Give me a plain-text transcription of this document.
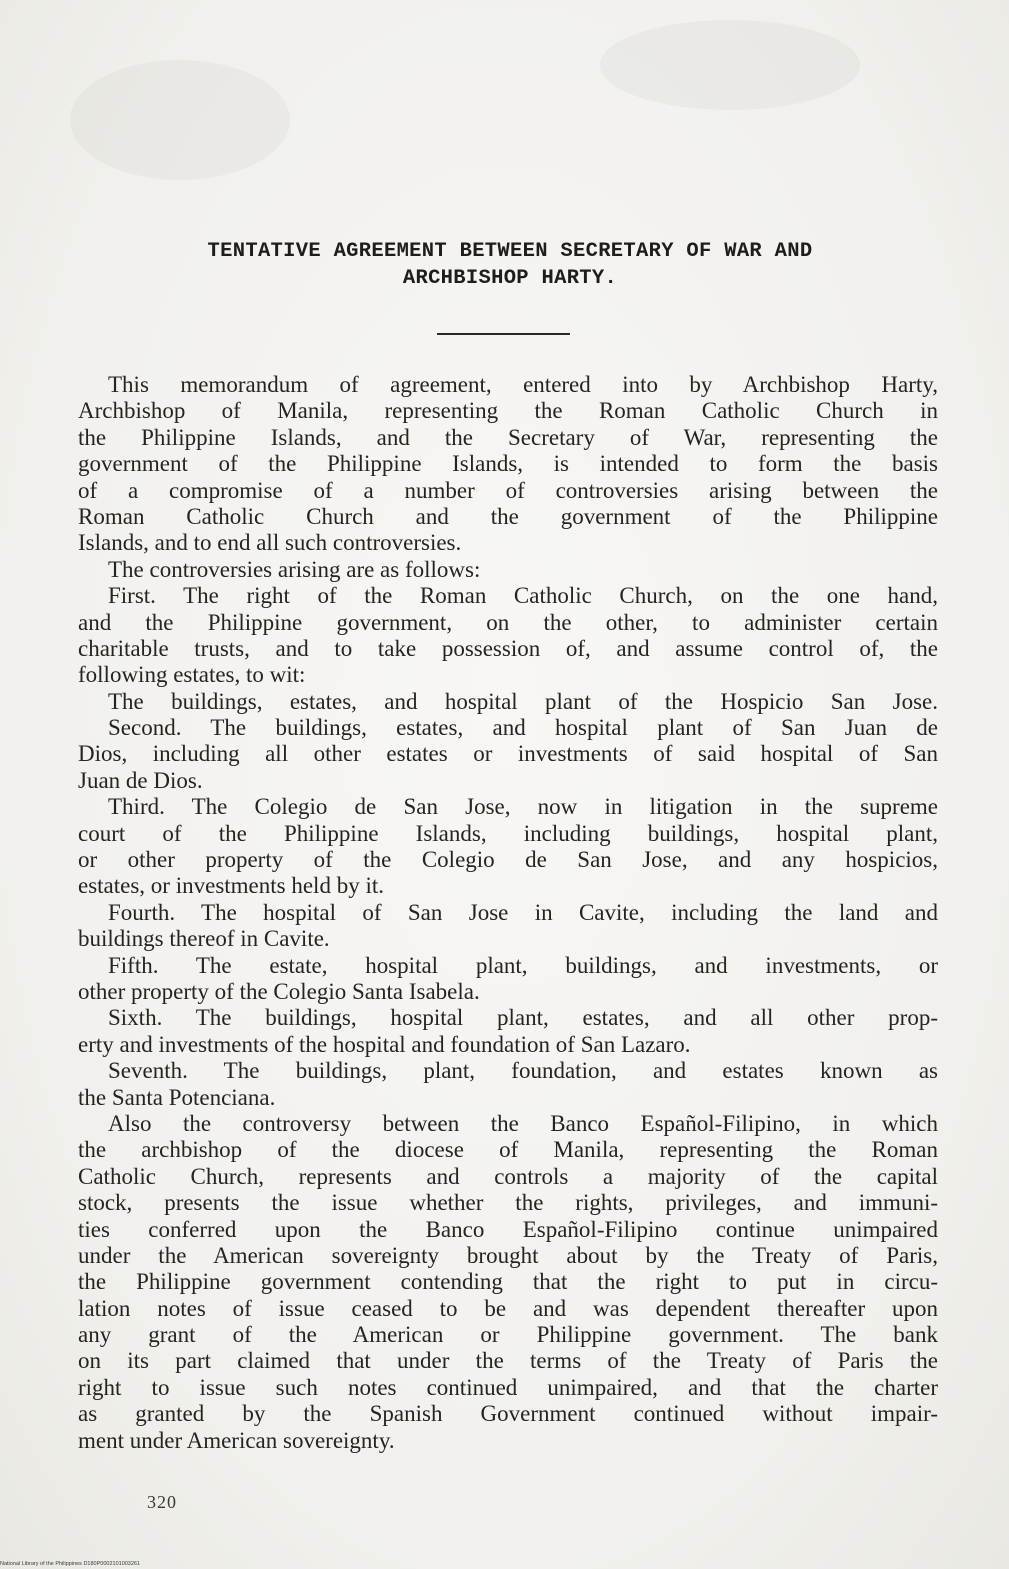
TENTATIVE AGREEMENT BETWEEN SECRETARY OF WAR AND
ARCHBISHOP HARTY.
This memorandum of agreement, entered into by Archbishop Harty,
Archbishop of Manila, representing the Roman Catholic Church in
the Philippine Islands, and the Secretary of War, representing the
government of the Philippine Islands, is intended to form the basis
of a compromise of a number of controversies arising between the
Roman Catholic Church and the government of the Philippine
Islands, and to end all such controversies.
The controversies arising are as follows:
First. The right of the Roman Catholic Church, on the one hand,
and the Philippine government, on the other, to administer certain
charitable trusts, and to take possession of, and assume control of, the
following estates, to wit:
The buildings, estates, and hospital plant of the Hospicio San Jose.
Second. The buildings, estates, and hospital plant of San Juan de
Dios, including all other estates or investments of said hospital of San
Juan de Dios.
Third. The Colegio de San Jose, now in litigation in the supreme
court of the Philippine Islands, including buildings, hospital plant,
or other property of the Colegio de San Jose, and any hospicios,
estates, or investments held by it.
Fourth. The hospital of San Jose in Cavite, including the land and
buildings thereof in Cavite.
Fifth. The estate, hospital plant, buildings, and investments, or
other property of the Colegio Santa Isabela.
Sixth. The buildings, hospital plant, estates, and all other prop-
erty and investments of the hospital and foundation of San Lazaro.
Seventh. The buildings, plant, foundation, and estates known as
the Santa Potenciana.
Also the controversy between the Banco Español-Filipino, in which
the archbishop of the diocese of Manila, representing the Roman
Catholic Church, represents and controls a majority of the capital
stock, presents the issue whether the rights, privileges, and immuni-
ties conferred upon the Banco Español-Filipino continue unimpaired
under the American sovereignty brought about by the Treaty of Paris,
the Philippine government contending that the right to put in circu-
lation notes of issue ceased to be and was dependent thereafter upon
any grant of the American or Philippine government. The bank
on its part claimed that under the terms of the Treaty of Paris the
right to issue such notes continued unimpaired, and that the charter
as granted by the Spanish Government continued without impair-
ment under American sovereignty.
320
National Library of the Philippines D180P0002101003261
